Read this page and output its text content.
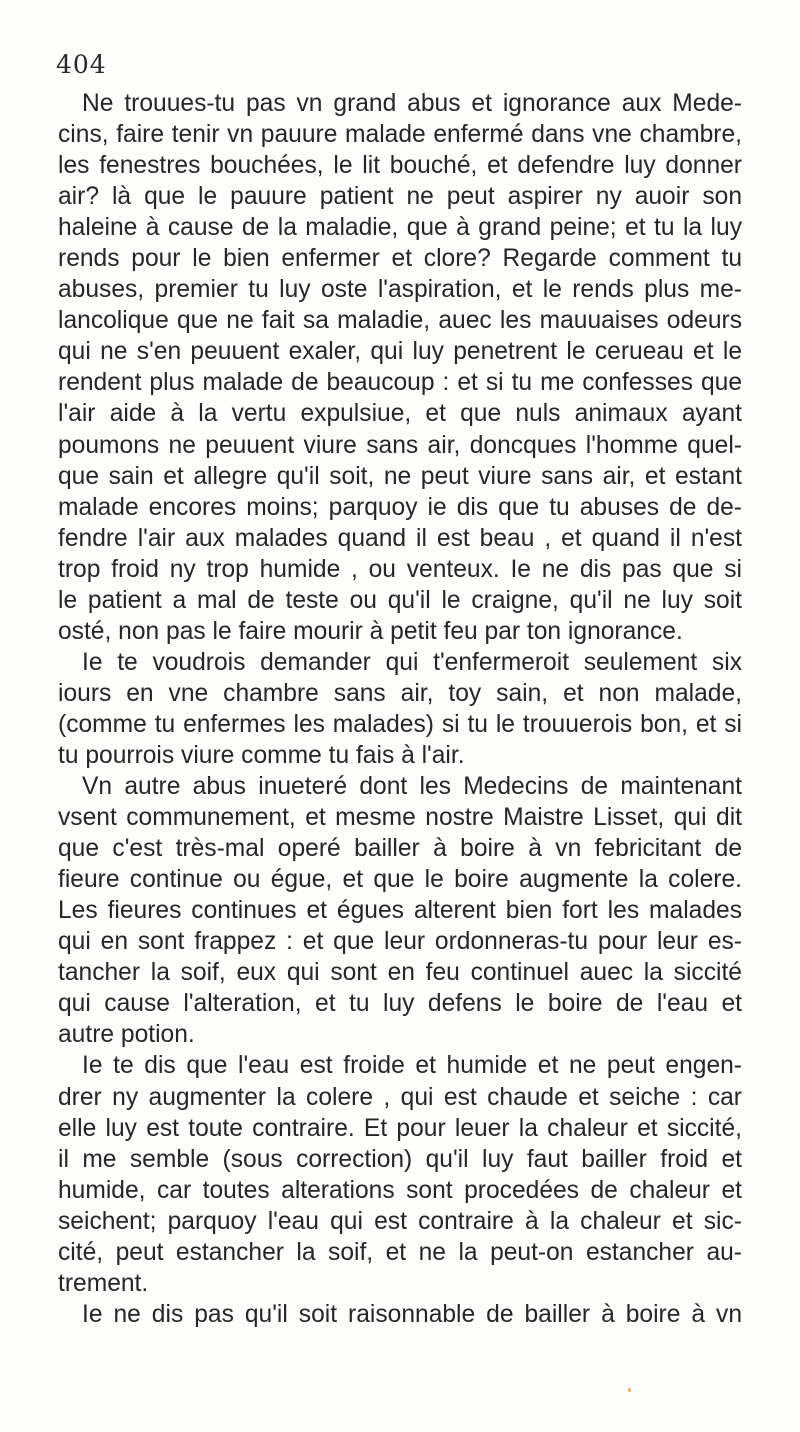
404
Ne trouues-tu pas vn grand abus et ignorance aux Mede-
cins, faire tenir vn pauure malade enfermé dans vne chambre,
les fenestres bouchées, le lit bouché, et defendre luy donner
air? là que le pauure patient ne peut aspirer ny auoir son
haleine à cause de la maladie, que à grand peine; et tu la luy
rends pour le bien enfermer et clore? Regarde comment tu
abuses, premier tu luy oste l'aspiration, et le rends plus me-
lancolique que ne fait sa maladie, auec les mauuaises odeurs
qui ne s'en peuuent exaler, qui luy penetrent le cerueau et le
rendent plus malade de beaucoup : et si tu me confesses que
l'air aide à la vertu expulsiue, et que nuls animaux ayant
poumons ne peuuent viure sans air, doncques l'homme quel-
que sain et allegre qu'il soit, ne peut viure sans air, et estant
malade encores moins; parquoy ie dis que tu abuses de de-
fendre l'air aux malades quand il est beau , et quand il n'est
trop froid ny trop humide , ou venteux. Ie ne dis pas que si
le patient a mal de teste ou qu'il le craigne, qu'il ne luy soit
osté, non pas le faire mourir à petit feu par ton ignorance.
Ie te voudrois demander qui t'enfermeroit seulement six
iours en vne chambre sans air, toy sain, et non malade,
(comme tu enfermes les malades) si tu le trouuerois bon, et si
tu pourrois viure comme tu fais à l'air.
Vn autre abus inueteré dont les Medecins de maintenant
vsent communement, et mesme nostre Maistre Lisset, qui dit
que c'est très-mal operé bailler à boire à vn febricitant de
fieure continue ou égue, et que le boire augmente la colere.
Les fieures continues et égues alterent bien fort les malades
qui en sont frappez : et que leur ordonneras-tu pour leur es-
tancher la soif, eux qui sont en feu continuel auec la siccité
qui cause l'alteration, et tu luy defens le boire de l'eau et
autre potion.
Ie te dis que l'eau est froide et humide et ne peut engen-
drer ny augmenter la colere , qui est chaude et seiche : car
elle luy est toute contraire. Et pour leuer la chaleur et siccité,
il me semble (sous correction) qu'il luy faut bailler froid et
humide, car toutes alterations sont procedées de chaleur et
seichent; parquoy l'eau qui est contraire à la chaleur et sic-
cité, peut estancher la soif, et ne la peut-on estancher au-
trement.
Ie ne dis pas qu'il soit raisonnable de bailler à boire à vn
